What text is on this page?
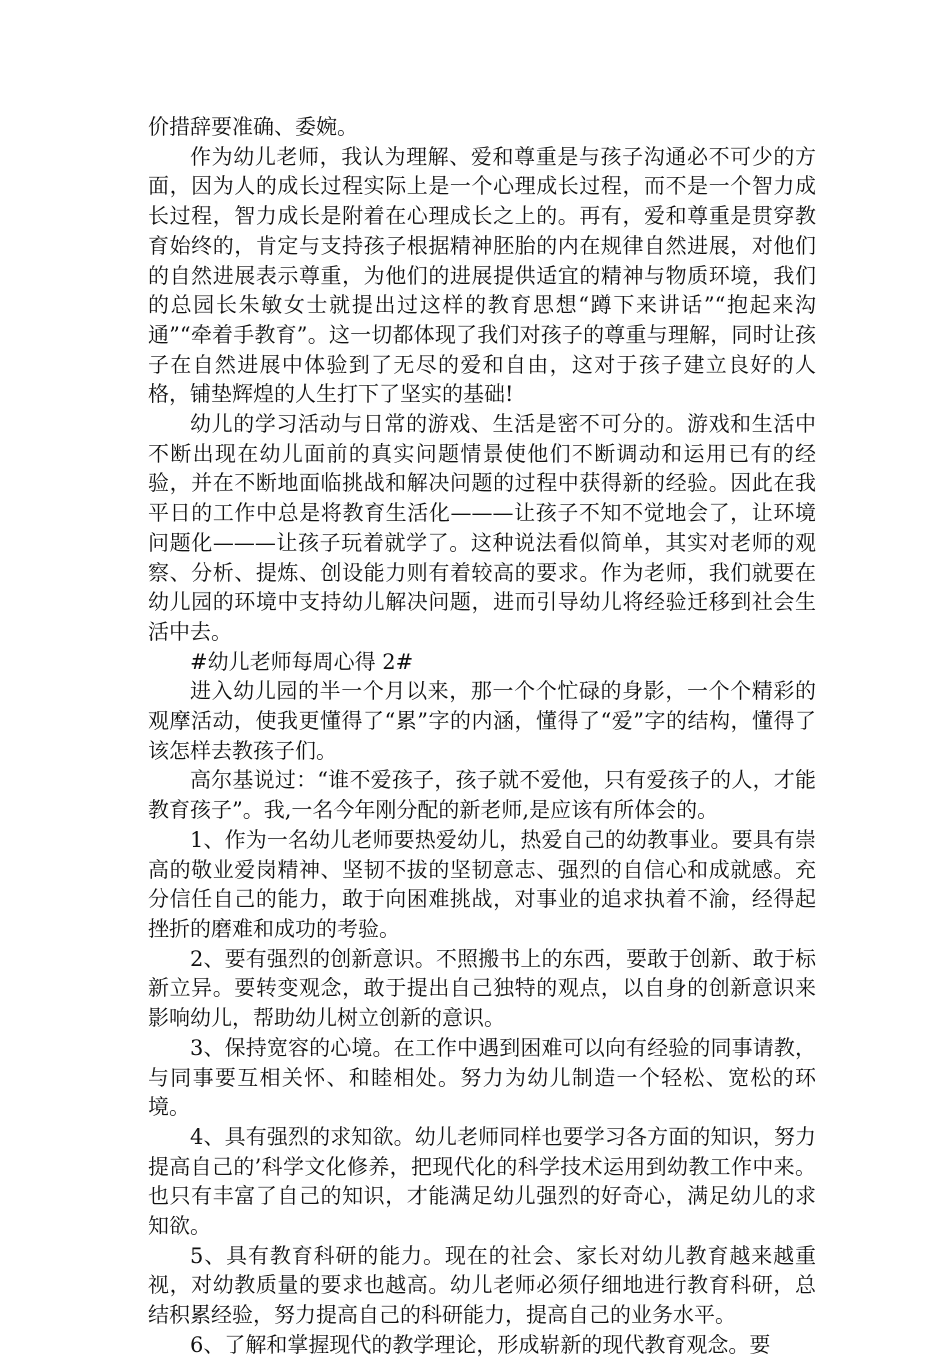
价措辞要准确、委婉。

作为幼儿老师，我认为理解、爱和尊重是与孩子沟通必不可少的方面，因为人的成长过程实际上是一个心理成长过程，而不是一个智力成长过程，智力成长是附着在心理成长之上的。再有，爱和尊重是贯穿教育始终的，肯定与支持孩子根据精神胚胎的内在规律自然进展，对他们的自然进展表示尊重，为他们的进展提供适宜的精神与物质环境，我们的总园长朱敏女士就提出过这样的教育思想“蹲下来讲话”“抱起来沟通”“牵着手教育”。这一切都体现了我们对孩子的尊重与理解，同时让孩子在自然进展中体验到了无尽的爱和自由，这对于孩子建立良好的人格，铺垫辉煌的人生打下了坚实的基础!

幼儿的学习活动与日常的游戏、生活是密不可分的。游戏和生活中不断出现在幼儿面前的真实问题情景使他们不断调动和运用已有的经验，并在不断地面临挑战和解决问题的过程中获得新的经验。因此在我平日的工作中总是将教育生活化———让孩子不知不觉地会了，让环境问题化———让孩子玩着就学了。这种说法看似简单，其实对老师的观察、分析、提炼、创设能力则有着较高的要求。作为老师，我们就要在幼儿园的环境中支持幼儿解决问题，进而引导幼儿将经验迁移到社会生活中去。

#幼儿老师每周心得 2#

进入幼儿园的半一个月以来，那一个个忙碌的身影，一个个精彩的观摩活动，使我更懂得了“累”字的内涵，懂得了“爱”字的结构，懂得了该怎样去教孩子们。

高尔基说过：“谁不爱孩子，孩子就不爱他，只有爱孩子的人，才能教育孩子”。我,一名今年刚分配的新老师,是应该有所体会的。

1、作为一名幼儿老师要热爱幼儿，热爱自己的幼教事业。要具有崇高的敬业爱岗精神、坚韧不拔的坚韧意志、强烈的自信心和成就感。充分信任自己的能力，敢于向困难挑战，对事业的追求执着不渝，经得起挫折的磨难和成功的考验。

2、要有强烈的创新意识。不照搬书上的东西，要敢于创新、敢于标新立异。要转变观念，敢于提出自己独特的观点，以自身的创新意识来影响幼儿，帮助幼儿树立创新的意识。

3、保持宽容的心境。在工作中遇到困难可以向有经验的同事请教，与同事要互相关怀、和睦相处。努力为幼儿制造一个轻松、宽松的环境。

4、具有强烈的求知欲。幼儿老师同样也要学习各方面的知识，努力提高自己的’科学文化修养，把现代化的科学技术运用到幼教工作中来。也只有丰富了自己的知识，才能满足幼儿强烈的好奇心，满足幼儿的求知欲。

5、具有教育科研的能力。现在的社会、家长对幼儿教育越来越重视，对幼教质量的要求也越高。幼儿老师必须仔细地进行教育科研，总结积累经验，努力提高自己的科研能力，提高自己的业务水平。

6、了解和掌握现代的教学理论，形成崭新的现代教育观念。要
